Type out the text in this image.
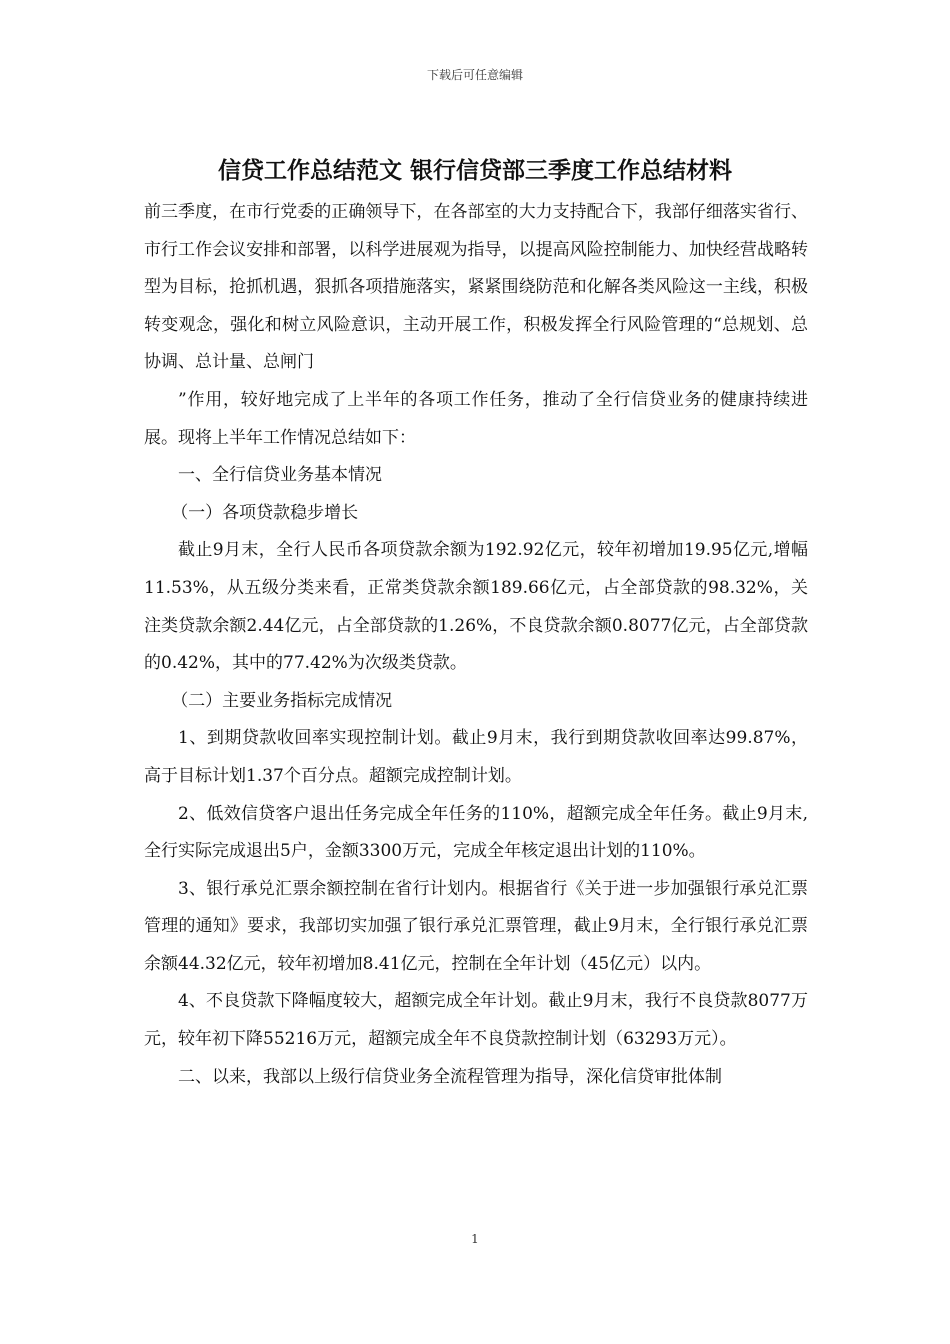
下载后可任意编辑
信贷工作总结范文 银行信贷部三季度工作总结材料

前三季度，在市行党委的正确领导下，在各部室的大力支持配合下，我部仔细落实省行、市行工作会议安排和部署，以科学进展观为指导，以提高风险控制能力、加快经营战略转型为目标，抢抓机遇，狠抓各项措施落实，紧紧围绕防范和化解各类风险这一主线，积极转变观念，强化和树立风险意识，主动开展工作，积极发挥全行风险管理的“总规划、总协调、总计量、总闸门

”作用，较好地完成了上半年的各项工作任务，推动了全行信贷业务的健康持续进展。现将上半年工作情况总结如下：

一、全行信贷业务基本情况

（一）各项贷款稳步增长

截止9月末，全行人民币各项贷款余额为192.92亿元，较年初增加19.95亿元,增幅11.53%，从五级分类来看，正常类贷款余额189.66亿元，占全部贷款的98.32%，关注类贷款余额2.44亿元，占全部贷款的1.26%，不良贷款余额0.8077亿元，占全部贷款的0.42%，其中的77.42%为次级类贷款。

（二）主要业务指标完成情况

1、到期贷款收回率实现控制计划。截止9月末，我行到期贷款收回率达99.87%，高于目标计划1.37个百分点。超额完成控制计划。

2、低效信贷客户退出任务完成全年任务的110%，超额完成全年任务。截止9月末,全行实际完成退出5户，金额3300万元，完成全年核定退出计划的110%。

3、银行承兑汇票余额控制在省行计划内。根据省行《关于进一步加强银行承兑汇票管理的通知》要求，我部切实加强了银行承兑汇票管理，截止9月末，全行银行承兑汇票余额44.32亿元，较年初增加8.41亿元，控制在全年计划（45亿元）以内。

4、不良贷款下降幅度较大，超额完成全年计划。截止9月末，我行不良贷款8077万元，较年初下降55216万元，超额完成全年不良贷款控制计划（63293万元）。

二、以来，我部以上级行信贷业务全流程管理为指导，深化信贷审批体制

1
